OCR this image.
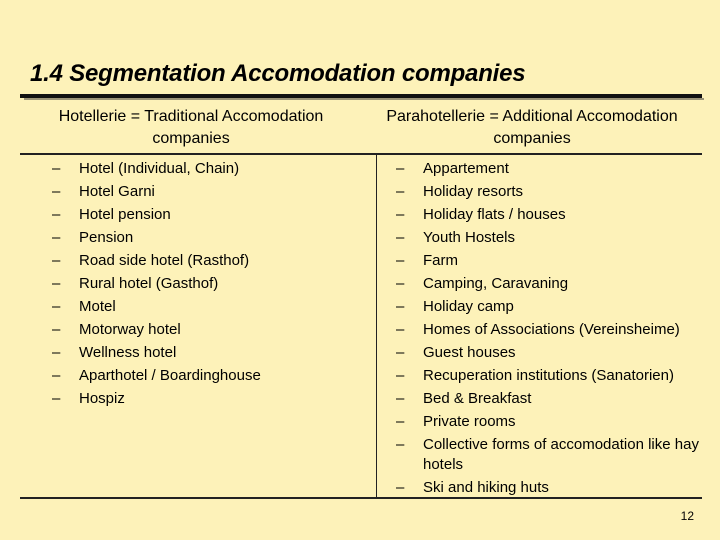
1.4 Segmentation Accomodation companies
Hotellerie = Traditional Accomodation companies
Parahotellerie = Additional Accomodation companies
– Hotel (Individual, Chain)
– Hotel Garni
– Hotel pension
– Pension
– Road side hotel (Rasthof)
– Rural hotel (Gasthof)
– Motel
– Motorway hotel
– Wellness hotel
– Aparthotel / Boardinghouse
– Hospiz
– Appartement
– Holiday resorts
– Holiday flats / houses
– Youth Hostels
– Farm
– Camping, Caravaning
– Holiday camp
– Homes of Associations (Vereinsheime)
– Guest houses
– Recuperation institutions (Sanatorien)
– Bed & Breakfast
– Private rooms
– Collective forms of accomodation like hay hotels
– Ski and hiking huts
12
